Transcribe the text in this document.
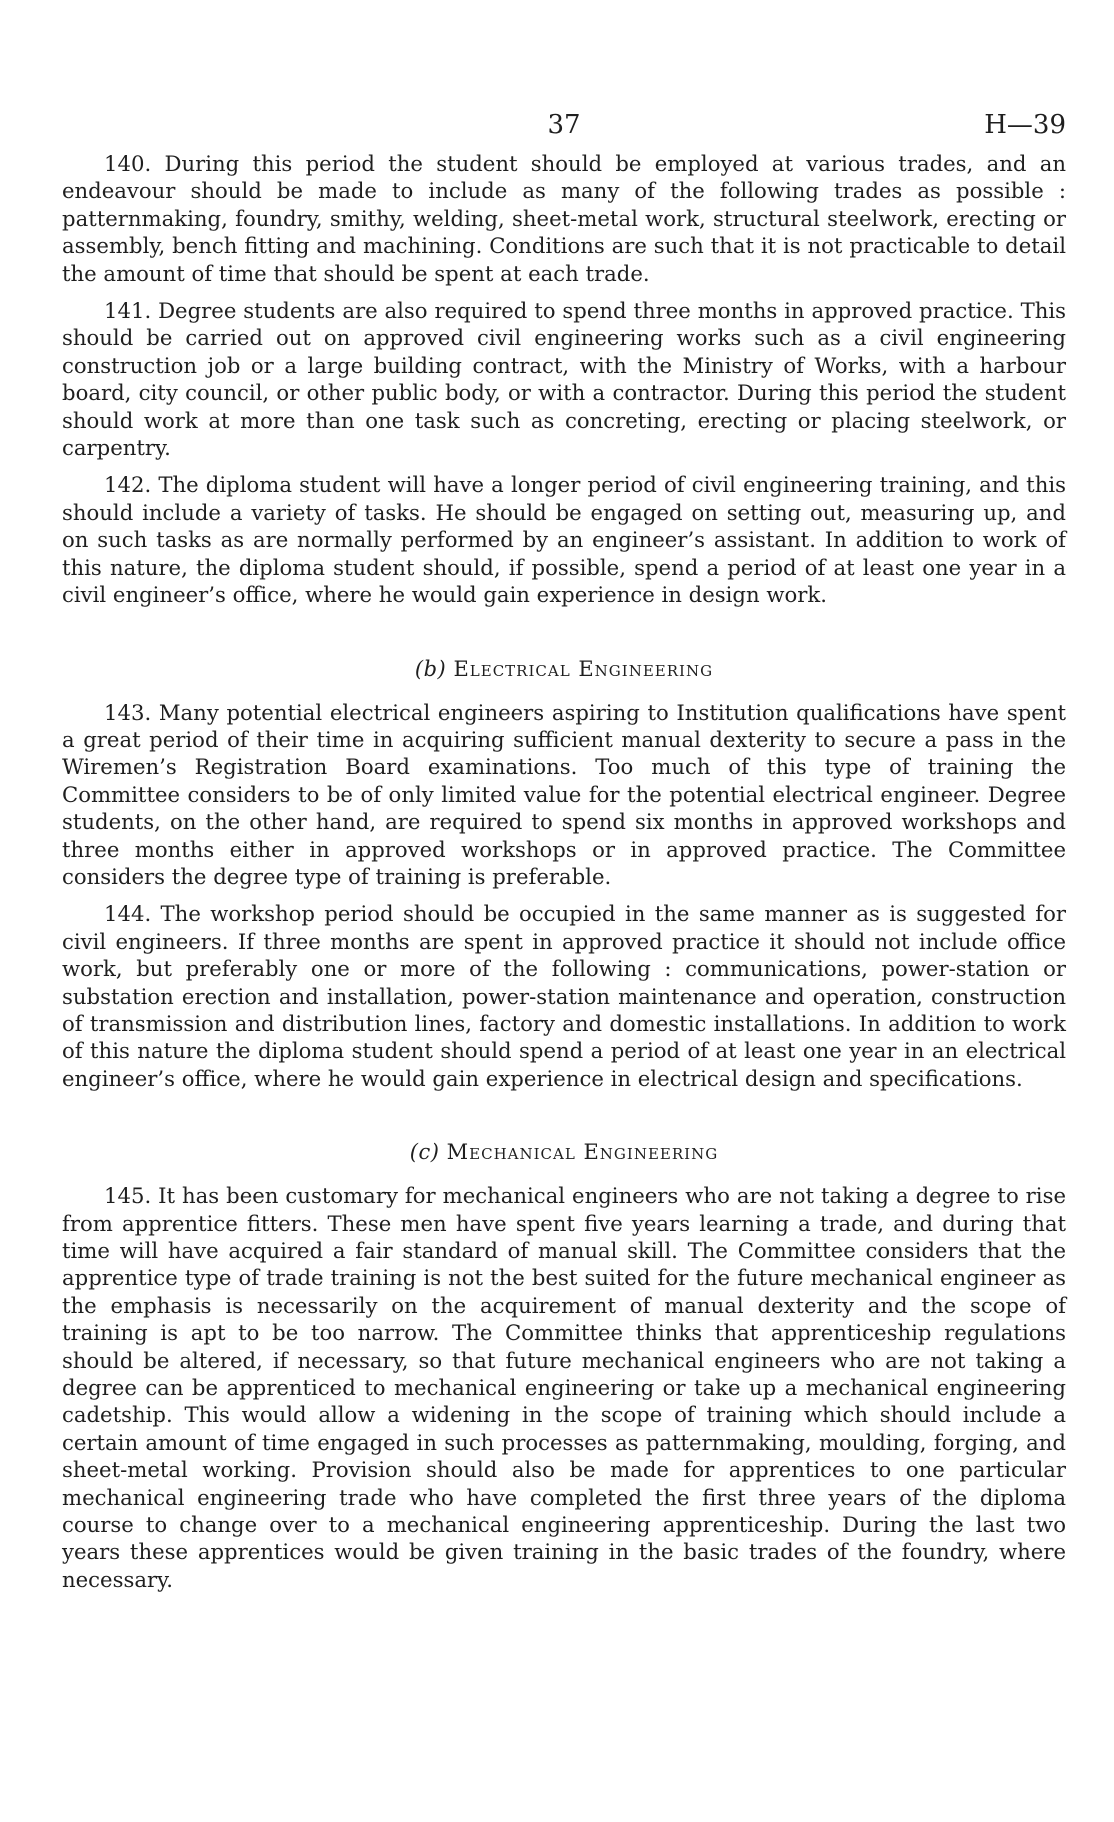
37	H—39

140. During this period the student should be employed at various trades, and an endeavour should be made to include as many of the following trades as possible : patternmaking, foundry, smithy, welding, sheet-metal work, structural steelwork, erecting or assembly, bench fitting and machining. Conditions are such that it is not practicable to detail the amount of time that should be spent at each trade.

141. Degree students are also required to spend three months in approved practice. This should be carried out on approved civil engineering works such as a civil engineering construction job or a large building contract, with the Ministry of Works, with a harbour board, city council, or other public body, or with a contractor. During this period the student should work at more than one task such as concreting, erecting or placing steelwork, or carpentry.

142. The diploma student will have a longer period of civil engineering training, and this should include a variety of tasks. He should be engaged on setting out, measuring up, and on such tasks as are normally performed by an engineer’s assistant. In addition to work of this nature, the diploma student should, if possible, spend a period of at least one year in a civil engineer’s office, where he would gain experience in design work.

(b) Electrical Engineering

143. Many potential electrical engineers aspiring to Institution qualifications have spent a great period of their time in acquiring sufficient manual dexterity to secure a pass in the Wiremen’s Registration Board examinations. Too much of this type of training the Committee considers to be of only limited value for the potential electrical engineer. Degree students, on the other hand, are required to spend six months in approved workshops and three months either in approved workshops or in approved practice. The Committee considers the degree type of training is preferable.

144. The workshop period should be occupied in the same manner as is suggested for civil engineers. If three months are spent in approved practice it should not include office work, but preferably one or more of the following : communications, power-station or substation erection and installation, power-station maintenance and operation, construction of transmission and distribution lines, factory and domestic installations. In addition to work of this nature the diploma student should spend a period of at least one year in an electrical engineer’s office, where he would gain experience in electrical design and specifications.

(c) Mechanical Engineering

145. It has been customary for mechanical engineers who are not taking a degree to rise from apprentice fitters. These men have spent five years learning a trade, and during that time will have acquired a fair standard of manual skill. The Committee considers that the apprentice type of trade training is not the best suited for the future mechanical engineer as the emphasis is necessarily on the acquirement of manual dexterity and the scope of training is apt to be too narrow. The Committee thinks that apprenticeship regulations should be altered, if necessary, so that future mechanical engineers who are not taking a degree can be apprenticed to mechanical engineering or take up a mechanical engineering cadetship. This would allow a widening in the scope of training which should include a certain amount of time engaged in such processes as patternmaking, moulding, forging, and sheet-metal working. Provision should also be made for apprentices to one particular mechanical engineering trade who have completed the first three years of the diploma course to change over to a mechanical engineering apprenticeship. During the last two years these apprentices would be given training in the basic trades of the foundry, where necessary.
